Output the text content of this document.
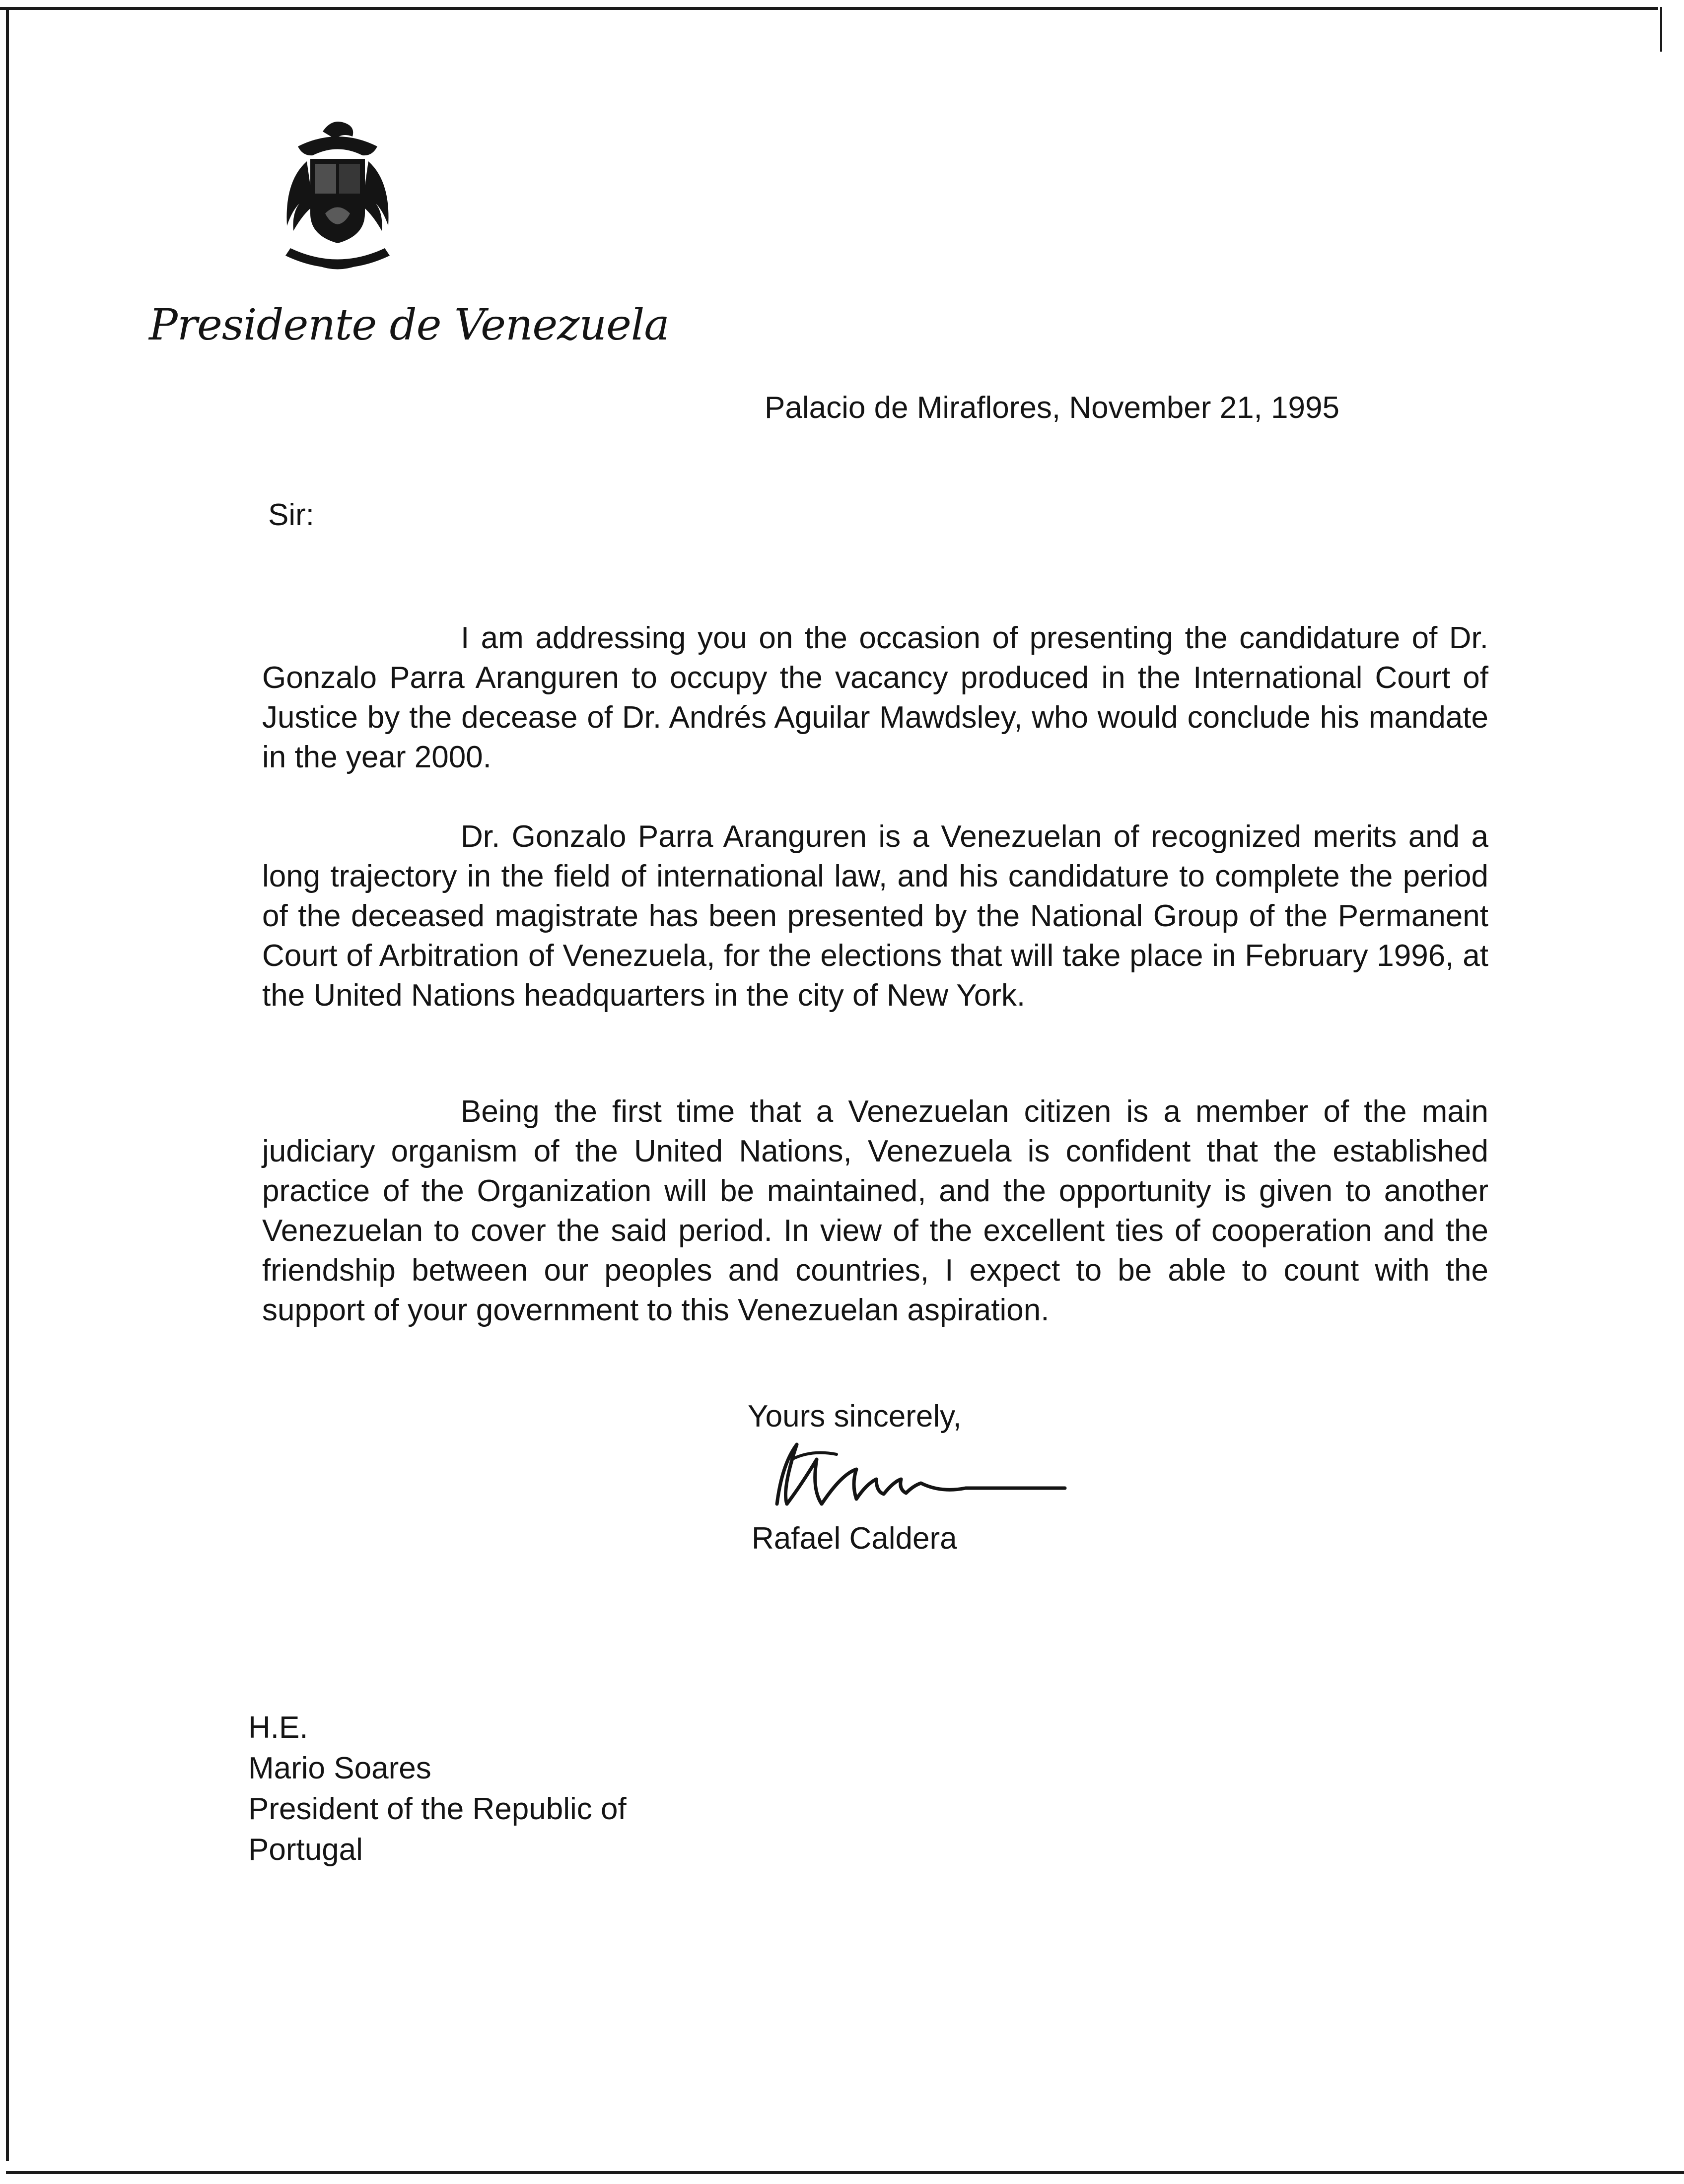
Presidente de Venezuela
Palacio de Miraflores, November 21, 1995
Sir:

I am addressing you on the occasion of presenting the candidature of Dr. Gonzalo Parra Aranguren to occupy the vacancy produced in the International Court of Justice by the decease of Dr. Andrés Aguilar Mawdsley, who would conclude his mandate in the year 2000.

Dr. Gonzalo Parra Aranguren is a Venezuelan of recognized merits and a long trajectory in the field of international law, and his candidature to complete the period of the deceased magistrate has been presented by the National Group of the Permanent Court of Arbitration of Venezuela, for the elections that will take place in February 1996, at the United Nations headquarters in the city of New York.

Being the first time that a Venezuelan citizen is a member of the main judiciary organism of the United Nations, Venezuela is confident that the established practice of the Organization will be maintained, and the opportunity is given to another Venezuelan to cover the said period. In view of the excellent ties of cooperation and the friendship between our peoples and countries, I expect to be able to count with the support of your government to this Venezuelan aspiration.

Yours sincerely,
Rafael Caldera
H.E.
Mario Soares
President of the Republic of
Portugal
